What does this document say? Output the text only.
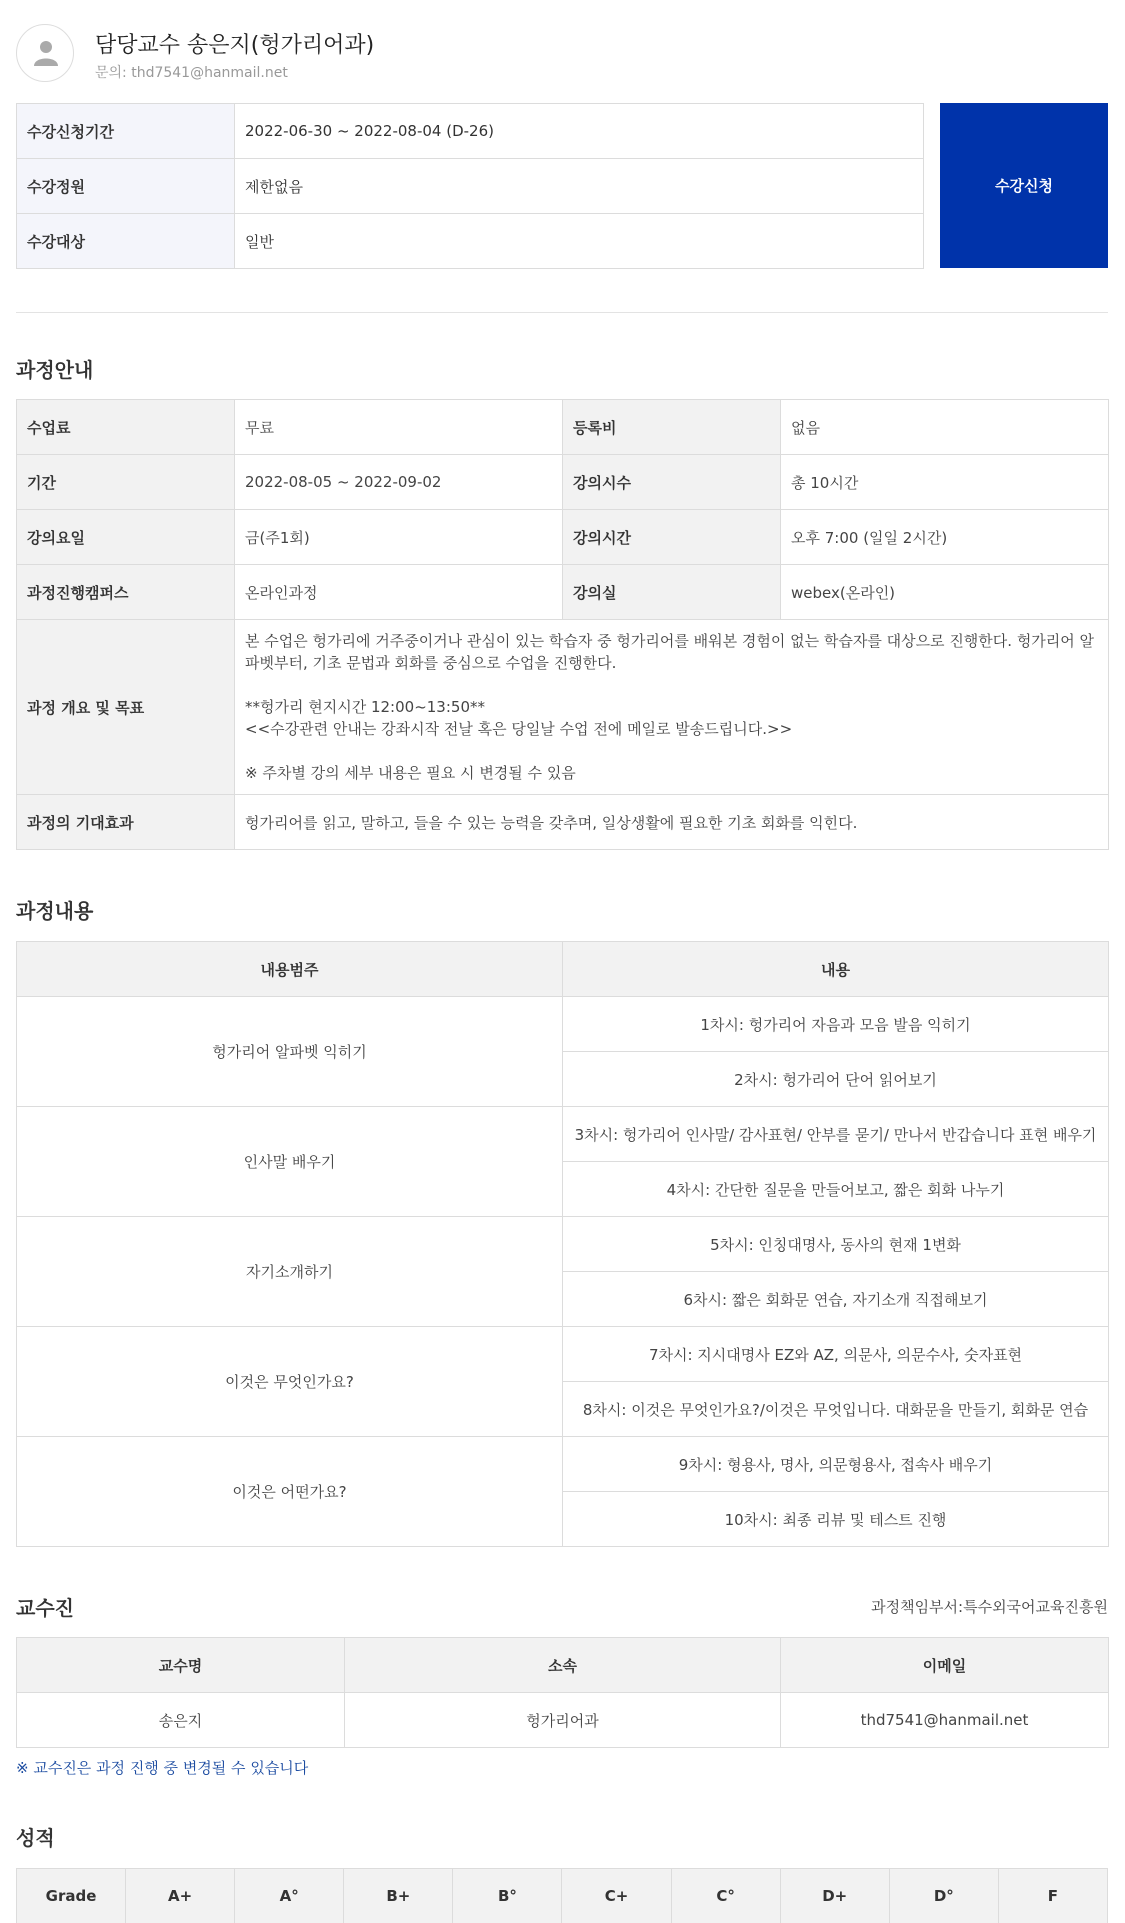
담당교수 송은지(헝가리어과)
문의: thd7541@hanmail.net
수강신청기간	2022-06-30 ~ 2022-08-04 (D-26)
수강정원	제한없음
수강대상	일반
수강신청
과정안내
수업료	무료	등록비	없음
기간	2022-08-05 ~ 2022-09-02	강의시수	총 10시간
강의요일	금(주1회)	강의시간	오후 7:00 (일일 2시간)
과정진행캠퍼스	온라인과정	강의실	webex(온라인)
과정 개요 및 목표	본 수업은 헝가리에 거주중이거나 관심이 있는 학습자 중 헝가리어를 배워본 경험이 없는 학습자를 대상으로 진행한다. 헝가리어 알파벳부터, 기초 문법과 회화를 중심으로 수업을 진행한다.

**헝가리 현지시간 12:00~13:50**

<<수강관련 안내는 강좌시작 전날 혹은 당일날 수업 전에 메일로 발송드립니다.>>

※ 주차별 강의 세부 내용은 필요 시 변경될 수 있음		

과정의 기대효과	헝가리어를 읽고, 말하고, 들을 수 있는 능력을 갖추며, 일상생활에 필요한 기초 회화를 익힌다.		
과정내용
내용범주	내용
헝가리어 알파벳 익히기	1차시: 헝가리어 자음과 모음 발음 익히기
	2차시: 헝가리어 단어 읽어보기
인사말 배우기	3차시: 헝가리어 인사말/ 감사표현/ 안부를 묻기/ 만나서 반갑습니다 표현 배우기
	4차시: 간단한 질문을 만들어보고, 짧은 회화 나누기
자기소개하기	5차시: 인칭대명사, 동사의 현재 1변화
	6차시: 짧은 회화문 연습, 자기소개 직접해보기
이것은 무엇인가요?	7차시: 지시대명사 EZ와 AZ, 의문사, 의문수사, 숫자표현
	8차시: 이것은 무엇인가요?/이것은 무엇입니다. 대화문을 만들기, 회화문 연습
이것은 어떤가요?	9차시: 형용사, 명사, 의문형용사, 접속사 배우기
	10차시: 최종 리뷰 및 테스트 진행
교수진	과정책임부서:특수외국어교육진흥원
교수명	소속	이메일
송은지	헝가리어과	thd7541@hanmail.net
※ 교수진은 과정 진행 중 변경될 수 있습니다
성적
Grade	A+	A°	B+	B°	C+	C°	D+	D°	F
